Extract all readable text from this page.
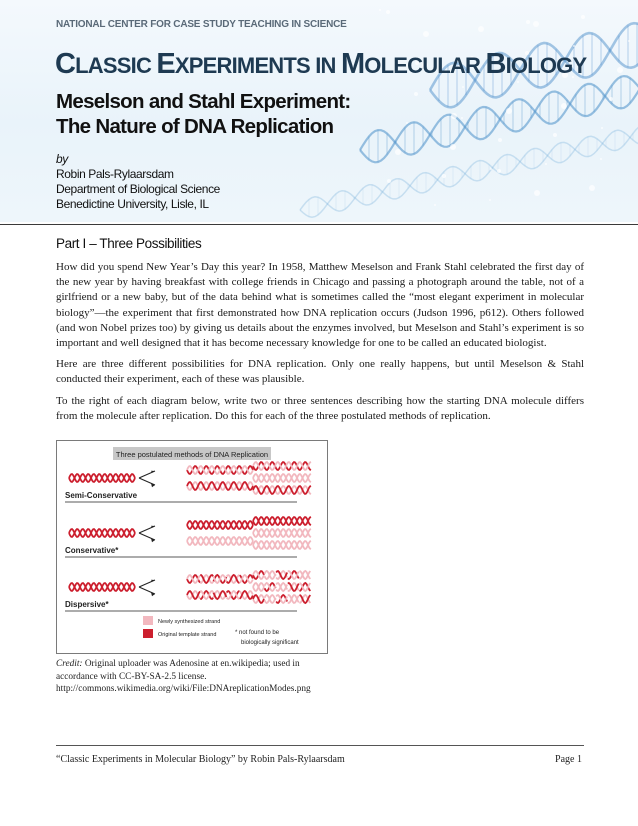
NATIONAL CENTER FOR CASE STUDY TEACHING IN SCIENCE
CLASSIC EXPERIMENTS IN MOLECULAR BIOLOGY
Meselson and Stahl Experiment:
The Nature of DNA Replication
by
Robin Pals-Rylaarsdam
Department of Biological Science
Benedictine University, Lisle, IL
Part I – Three Possibilities

How did you spend New Year’s Day this year? In 1958, Matthew Meselson and Frank Stahl celebrated the first day of the new year by having breakfast with college friends in Chicago and passing a photograph around the table, not of a girlfriend or a new baby, but of the data behind what is sometimes called the “most elegant experiment in molecular biology”—the experiment that first demonstrated how DNA replication occurs (Judson 1996, p612). Others followed (and won Nobel prizes too) by giving us details about the enzymes involved, but Meselson and Stahl’s experiment is so important and well designed that it has become necessary knowledge for one to be called an educated biologist.

Here are three different possibilities for DNA replication. Only one really happens, but until Meselson & Stahl conducted their experiment, each of these was plausible.

To the right of each diagram below, write two or three sentences describing how the starting DNA molecule differs from the molecule after replication. Do this for each of the three postulated methods of replication.

Three postulated methods of DNA Replication
Semi-Conservative
Conservative*
Dispersive*
Newly synthesized strand
Original template strand	* not found to be
biologically significant
Credit: Original uploader was Adenosine at en.wikipedia; used in accordance with CC-BY-SA-2.5 license. http://commons.wikimedia.org/wiki/File:DNAreplicationModes.png
“Classic Experiments in Molecular Biology” by Robin Pals-Rylaarsdam	Page 1
